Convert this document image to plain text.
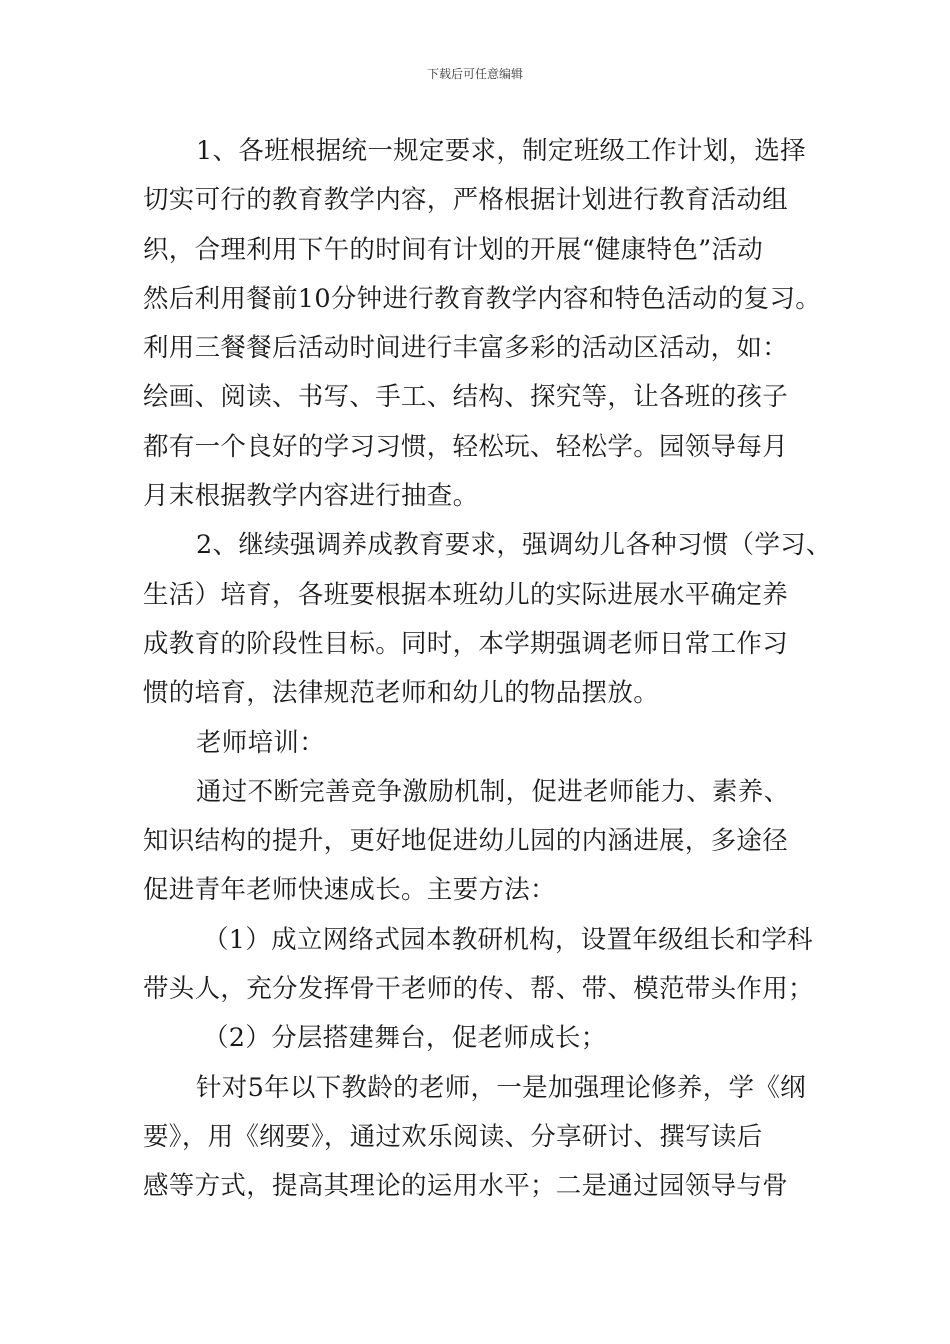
下载后可任意编辑
1、各班根据统一规定要求，制定班级工作计划，选择
切实可行的教育教学内容，严格根据计划进行教育活动组
织，合理利用下午的时间有计划的开展“健康特色”活动
然后利用餐前10分钟进行教育教学内容和特色活动的复习。
利用三餐餐后活动时间进行丰富多彩的活动区活动，如：
绘画、阅读、书写、手工、结构、探究等，让各班的孩子
都有一个良好的学习习惯，轻松玩、轻松学。园领导每月
月末根据教学内容进行抽查。
2、继续强调养成教育要求，强调幼儿各种习惯（学习、
生活）培育，各班要根据本班幼儿的实际进展水平确定养
成教育的阶段性目标。同时，本学期强调老师日常工作习
惯的培育，法律规范老师和幼儿的物品摆放。
老师培训：
通过不断完善竞争激励机制，促进老师能力、素养、
知识结构的提升，更好地促进幼儿园的内涵进展，多途径
促进青年老师快速成长。主要方法：
（1）成立网络式园本教研机构，设置年级组长和学科
带头人，充分发挥骨干老师的传、帮、带、模范带头作用；
（2）分层搭建舞台，促老师成长；
针对5年以下教龄的老师，一是加强理论修养，学《纲
要》，用《纲要》，通过欢乐阅读、分享研讨、撰写读后
感等方式，提高其理论的运用水平；二是通过园领导与骨
